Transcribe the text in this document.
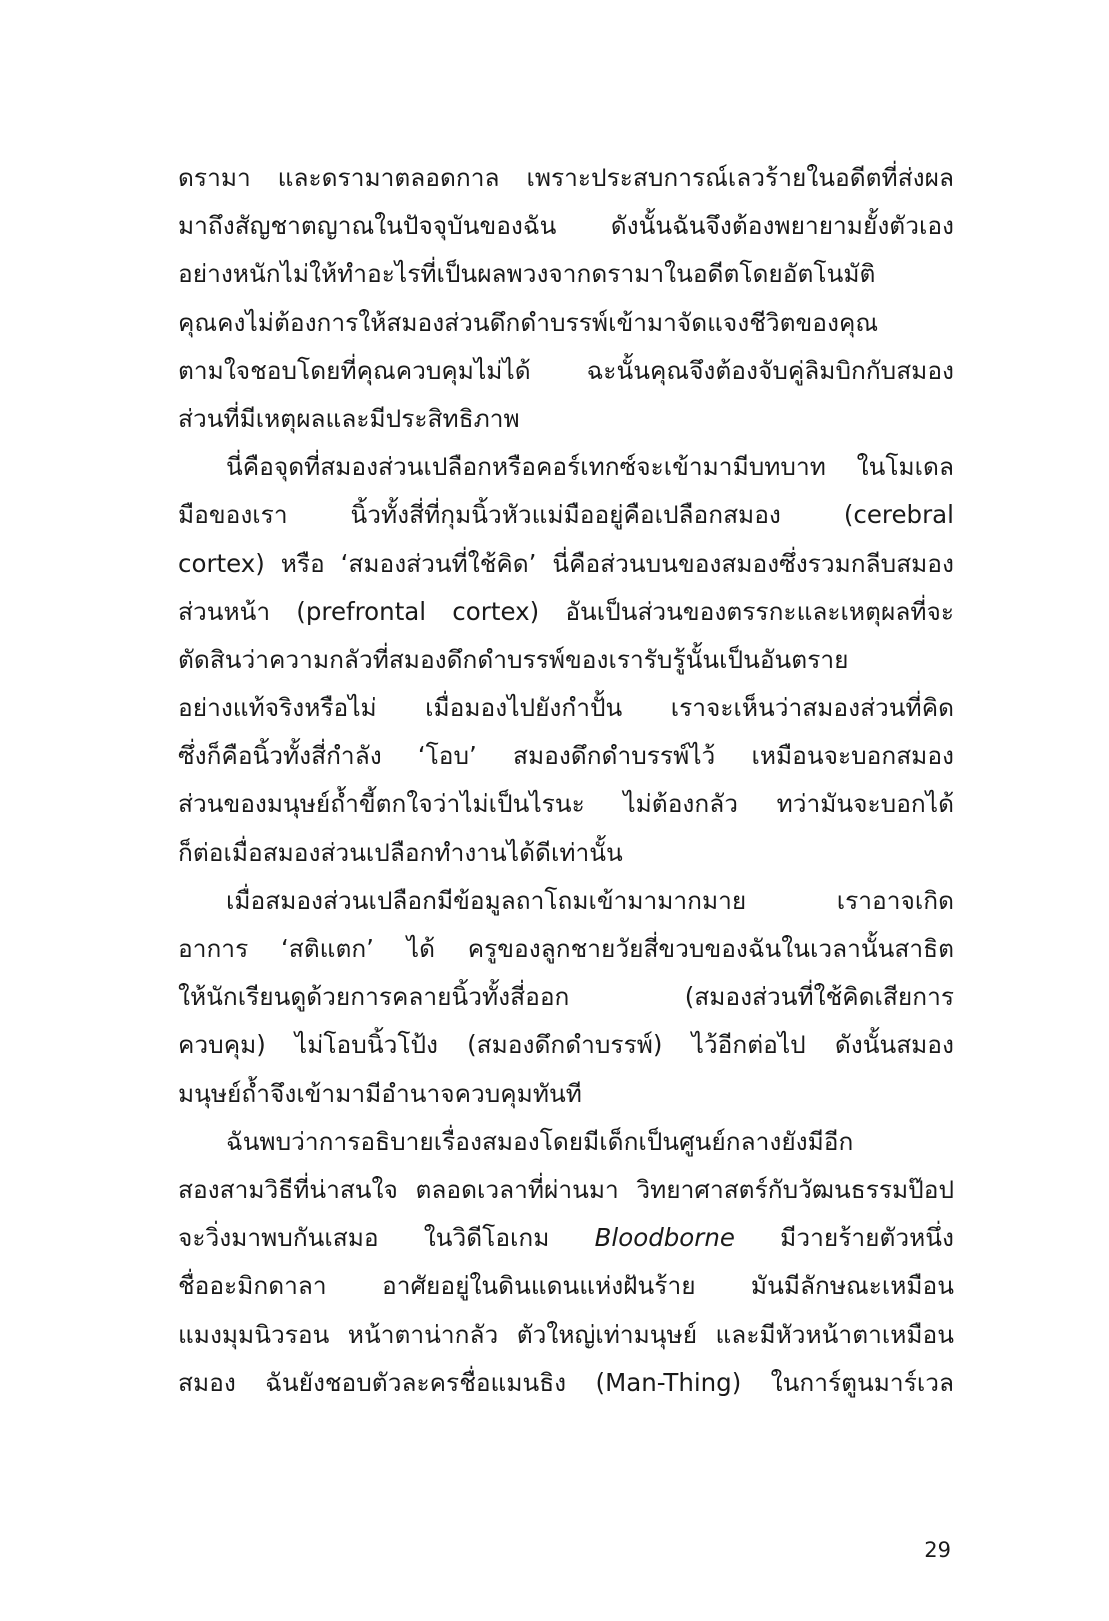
ดรามา และดรามาตลอดกาล เพราะประสบการณ์เลวร้ายในอดีตที่ส่งผล
มาถึงสัญชาตญาณในปัจจุบันของฉัน ดังนั้นฉันจึงต้องพยายามยั้งตัวเอง
อย่างหนักไม่ให้ทำอะไรที่เป็นผลพวงจากดรามาในอดีตโดยอัตโนมัติ
คุณคงไม่ต้องการให้สมองส่วนดึกดำบรรพ์เข้ามาจัดแจงชีวิตของคุณ
ตามใจชอบโดยที่คุณควบคุมไม่ได้ ฉะนั้นคุณจึงต้องจับคู่ลิมบิกกับสมอง
ส่วนที่มีเหตุผลและมีประสิทธิภาพ
นี่คือจุดที่สมองส่วนเปลือกหรือคอร์เทกซ์จะเข้ามามีบทบาท ในโมเดล
มือของเรา นิ้วทั้งสี่ที่กุมนิ้วหัวแม่มืออยู่คือเปลือกสมอง (cerebral
cortex) หรือ ‘สมองส่วนที่ใช้คิด’ นี่คือส่วนบนของสมองซึ่งรวมกลีบสมอง
ส่วนหน้า (prefrontal cortex) อันเป็นส่วนของตรรกะและเหตุผลที่จะ
ตัดสินว่าความกลัวที่สมองดึกดำบรรพ์ของเรารับรู้นั้นเป็นอันตราย
อย่างแท้จริงหรือไม่ เมื่อมองไปยังกำปั้น เราจะเห็นว่าสมองส่วนที่คิด
ซึ่งก็คือนิ้วทั้งสี่กำลัง ‘โอบ’ สมองดึกดำบรรพ์ไว้ เหมือนจะบอกสมอง
ส่วนของมนุษย์ถ้ำขี้ตกใจว่าไม่เป็นไรนะ ไม่ต้องกลัว ทว่ามันจะบอกได้
ก็ต่อเมื่อสมองส่วนเปลือกทำงานได้ดีเท่านั้น
เมื่อสมองส่วนเปลือกมีข้อมูลถาโถมเข้ามามากมาย เราอาจเกิด
อาการ ‘สติแตก’ ได้ ครูของลูกชายวัยสี่ขวบของฉันในเวลานั้นสาธิต
ให้นักเรียนดูด้วยการคลายนิ้วทั้งสี่ออก (สมองส่วนที่ใช้คิดเสียการ
ควบคุม) ไม่โอบนิ้วโป้ง (สมองดึกดำบรรพ์) ไว้อีกต่อไป ดังนั้นสมอง
มนุษย์ถ้ำจึงเข้ามามีอำนาจควบคุมทันที
ฉันพบว่าการอธิบายเรื่องสมองโดยมีเด็กเป็นศูนย์กลางยังมีอีก
สองสามวิธีที่น่าสนใจ ตลอดเวลาที่ผ่านมา วิทยาศาสตร์กับวัฒนธรรมป๊อป
จะวิ่งมาพบกันเสมอ ในวิดีโอเกม Bloodborne มีวายร้ายตัวหนึ่ง
ชื่ออะมิกดาลา อาศัยอยู่ในดินแดนแห่งฝันร้าย มันมีลักษณะเหมือน
แมงมุมนิวรอน หน้าตาน่ากลัว ตัวใหญ่เท่ามนุษย์ และมีหัวหน้าตาเหมือน
สมอง ฉันยังชอบตัวละครชื่อแมนธิง (Man-Thing) ในการ์ตูนมาร์เวล
29
